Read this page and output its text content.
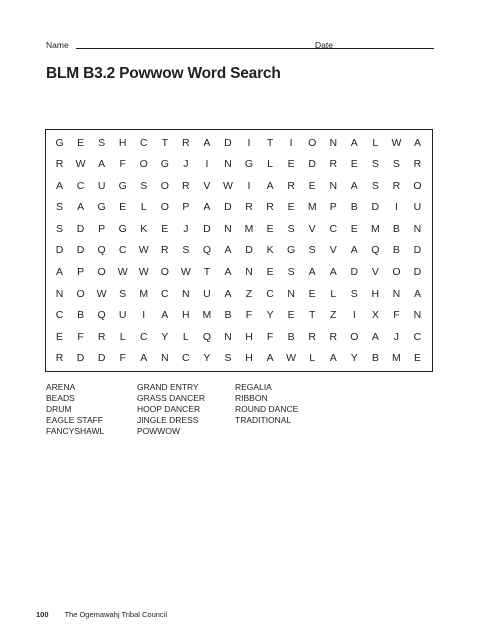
Name	Date
BLM B3.2 Powwow Word Search
G	E	S	H	C	T	R	A	D	I	T	I	O	N	A	L	W	A
R	W	A	F	O	G	J	I	N	G	L	E	D	R	E	S	S	R
A	C	U	G	S	O	R	V	W	I	A	R	E	N	A	S	R	O
S	A	G	E	L	O	P	A	D	R	R	E	M	P	B	D	I	U
S	D	P	G	K	E	J	D	N	M	E	S	V	C	E	M	B	N
D	D	Q	C	W	R	S	Q	A	D	K	G	S	V	A	Q	B	D
A	P	O	W	W	O	W	T	A	N	E	S	A	A	D	V	O	D
N	O	W	S	M	C	N	U	A	Z	C	N	E	L	S	H	N	A
C	B	Q	U	I	A	H	M	B	F	Y	E	T	Z	I	X	F	N
E	F	R	L	C	Y	L	Q	N	H	F	B	R	R	O	A	J	C
R	D	D	F	A	N	C	Y	S	H	A	W	L	A	Y	B	M	E
ARENA
BEADS
DRUM
EAGLE STAFF
FANCYSHAWL
GRAND ENTRY
GRASS DANCER
HOOP DANCER
JINGLE DRESS
POWWOW
REGALIA
RIBBON
ROUND DANCE
TRADITIONAL
100 The Ogemawahj Tribal Council
